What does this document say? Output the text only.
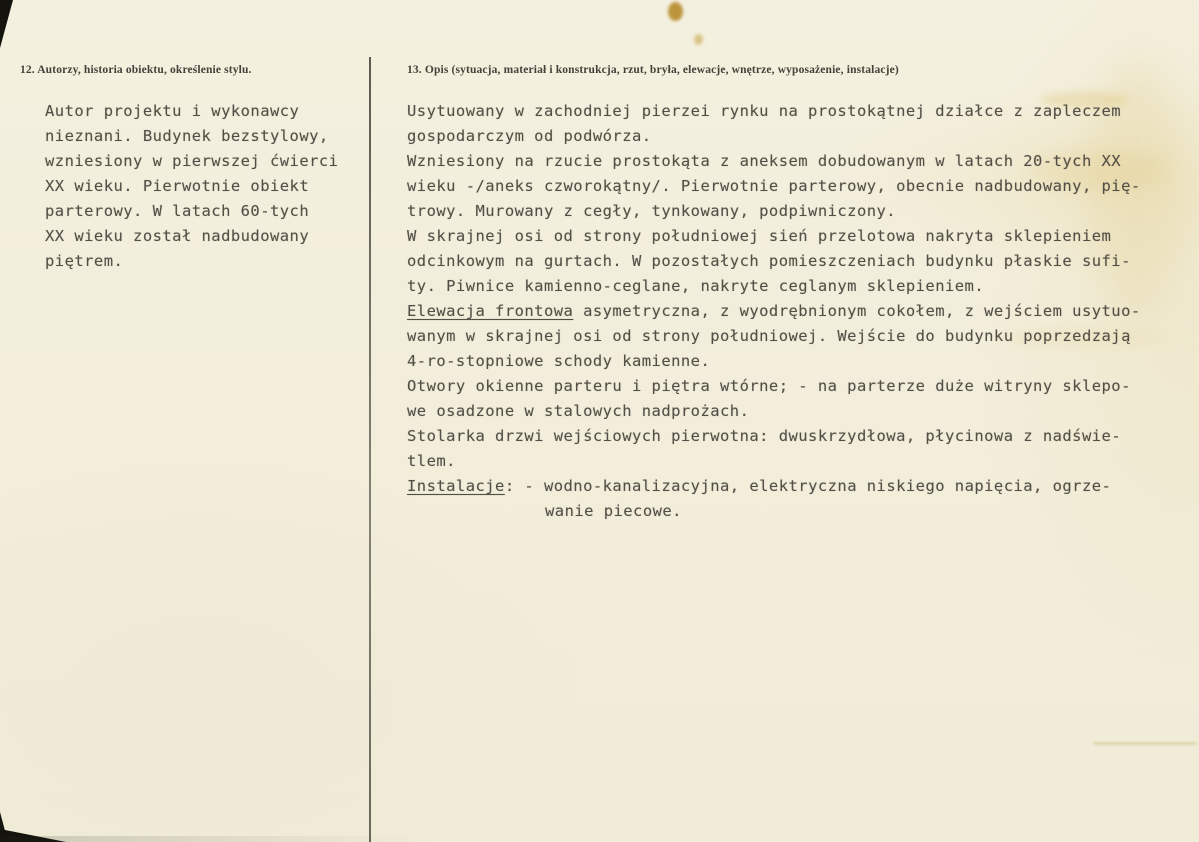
12. Autorzy, historia obiektu, określenie stylu.
Autor projektu i wykonawcy
nieznani. Budynek bezstylowy,
wzniesiony w pierwszej ćwierci
XX wieku. Pierwotnie obiekt
parterowy. W latach 60-tych
XX wieku został nadbudowany
piętrem.
13. Opis (sytuacja, materiał i konstrukcja, rzut, bryła, elewacje, wnętrze, wyposażenie, instalacje)
Usytuowany w zachodniej pierzei rynku na prostokątnej działce z zapleczem
gospodarczym od podwórza.
Wzniesiony na rzucie prostokąta z aneksem dobudowanym w latach 20-tych XX
wieku -/aneks czworokątny/. Pierwotnie parterowy, obecnie nadbudowany, pię-
trowy. Murowany z cegły, tynkowany, podpiwniczony.
W skrajnej osi od strony południowej sień przelotowa nakryta sklepieniem
odcinkowym na gurtach. W pozostałych pomieszczeniach budynku płaskie sufi-
ty. Piwnice kamienno-ceglane, nakryte ceglanym sklepieniem.
Elewacja frontowa asymetryczna, z wyodrębnionym cokołem, z wejściem usytuo-
wanym w skrajnej osi od strony południowej. Wejście do budynku poprzedzają
4-ro-stopniowe schody kamienne.
Otwory okienne parteru i piętra wtórne; - na parterze duże witryny sklepo-
we osadzone w stalowych nadprożach.
Stolarka drzwi wejściowych pierwotna: dwuskrzydłowa, płycinowa z nadświe-
tlem.
Instalacje: - wodno-kanalizacyjna, elektryczna niskiego napięcia, ogrze-
wanie piecowe.
